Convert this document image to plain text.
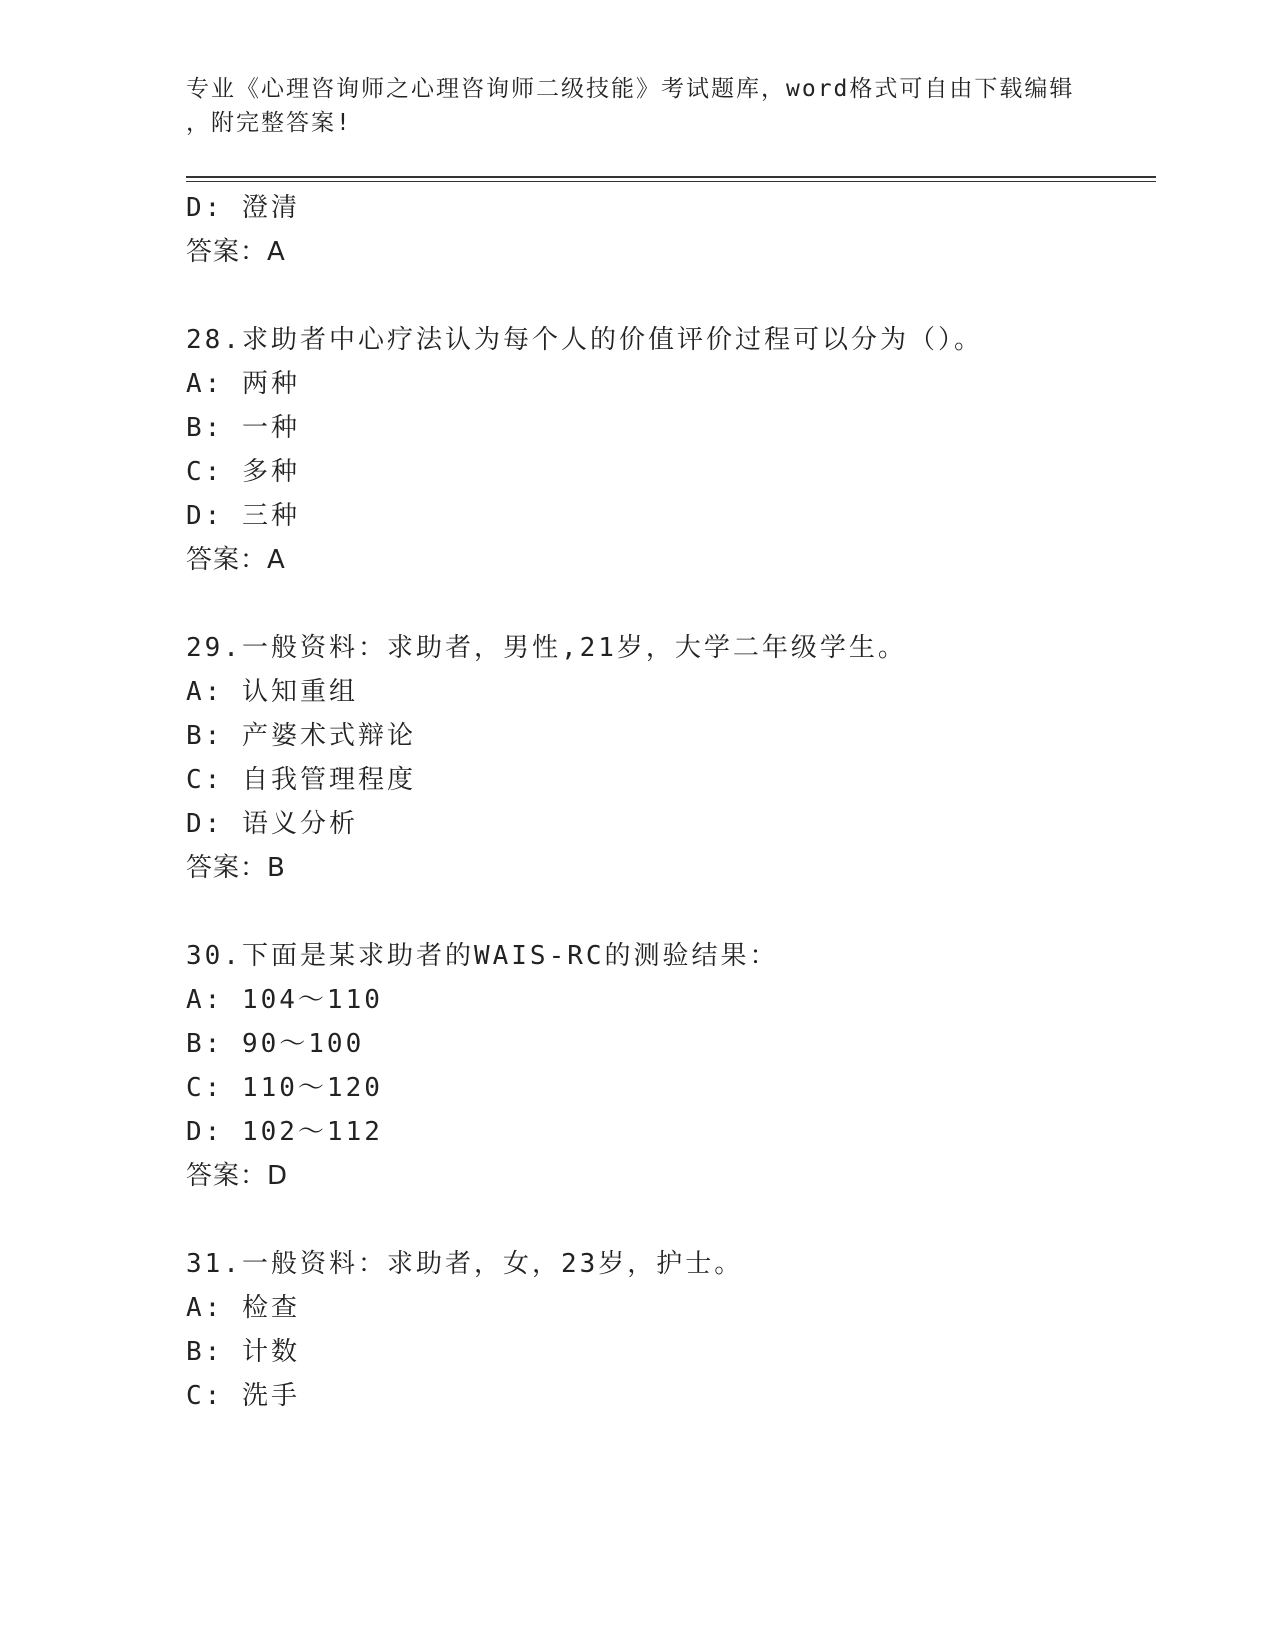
专业《心理咨询师之心理咨询师二级技能》考试题库，word格式可自由下载编辑
，附完整答案!
D: 澄清
答案：A
28.求助者中心疗法认为每个人的价值评价过程可以分为（）。
A: 两种
B: 一种
C: 多种
D: 三种
答案：A
29.一般资料：求助者，男性,21岁，大学二年级学生。
A: 认知重组
B: 产婆术式辩论
C: 自我管理程度
D: 语义分析
答案：B
30.下面是某求助者的WAIS-RC的测验结果：
A: 104～110
B: 90～100
C: 110～120
D: 102～112
答案：D
31.一般资料：求助者，女，23岁，护士。
A: 检查
B: 计数
C: 洗手
